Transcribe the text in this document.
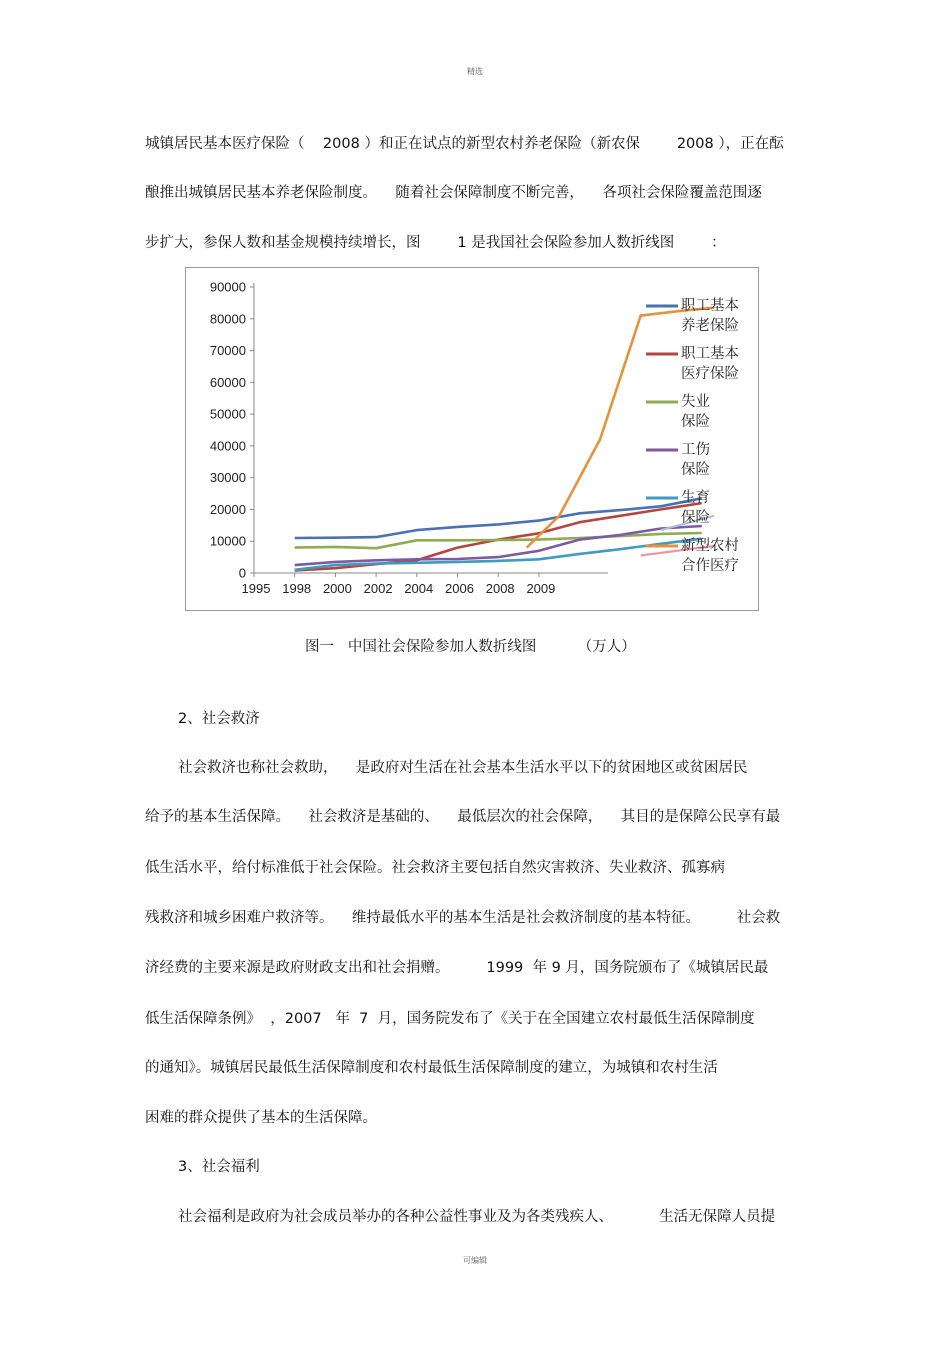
精选
城镇居民基本医疗保险（    2008 ）和正在试点的新型农村养老保险（新农保        2008 ），正在酝
酿推出城镇居民基本养老保险制度。    随着社会保障制度不断完善，    各项社会保险覆盖范围逐
步扩大，参保人数和基金规模持续增长，图        1 是我国社会保险参加人数折线图        ：
0
10000
20000
30000
40000
50000
60000
70000
80000
90000
1995 1998 2000 2002 2004 2006 2008 2009
职工基本
养老保险
职工基本
医疗保险
失业
保险
工伤
保险
生育
保险
新型农村
合作医疗
图一   中国社会保险参加人数折线图         （万人）
2、社会救济
社会救济也称社会救助，    是政府对生活在社会基本生活水平以下的贫困地区或贫困居民
给予的基本生活保障。    社会救济是基础的、    最低层次的社会保障，    其目的是保障公民享有最
低生活水平，给付标准低于社会保险。社会救济主要包括自然灾害救济、失业救济、孤寡病
残救济和城乡困难户救济等。    维持最低水平的基本生活是社会救济制度的基本特征。        社会救
济经费的主要来源是政府财政支出和社会捐赠。        1999  年 9 月，国务院颁布了《城镇居民最
低生活保障条例》  ，2007   年  7  月，国务院发布了《关于在全国建立农村最低生活保障制度
的通知》。城镇居民最低生活保障制度和农村最低生活保障制度的建立，为城镇和农村生活
困难的群众提供了基本的生活保障。
3、社会福利
社会福利是政府为社会成员举办的各种公益性事业及为各类残疾人、          生活无保障人员提
可编辑
